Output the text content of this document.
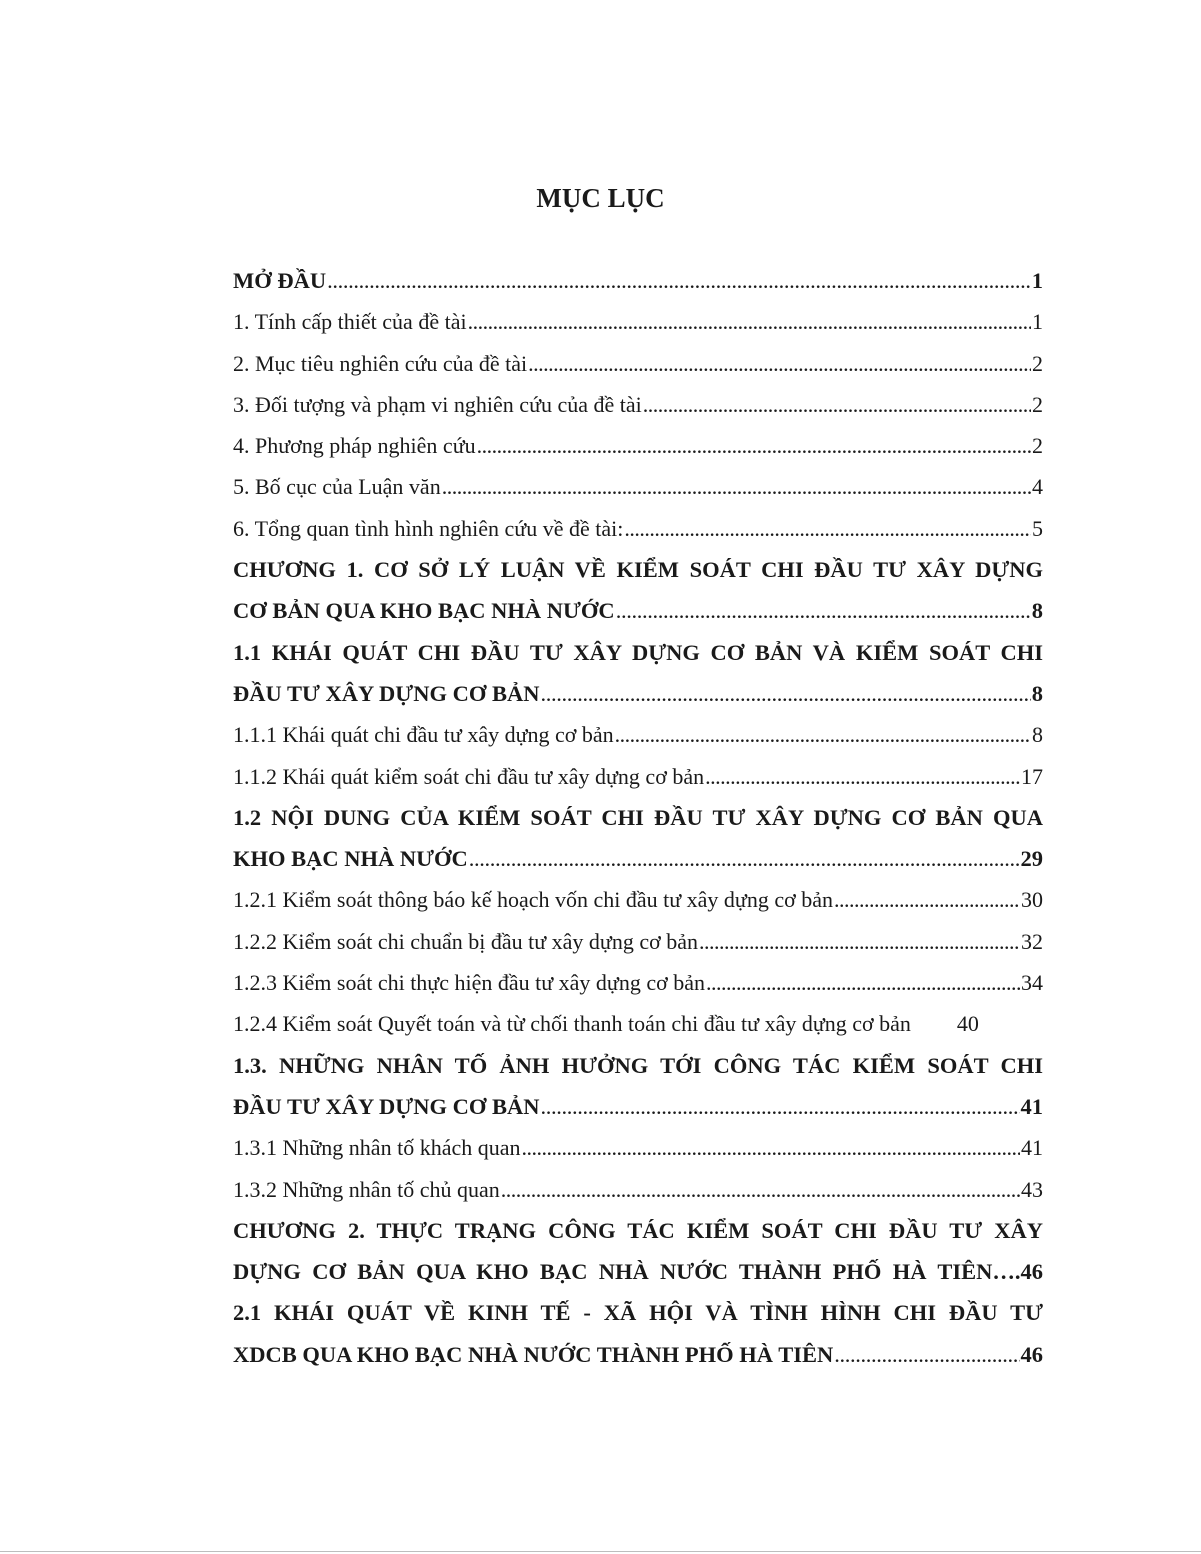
MỤC LỤC
MỞ ĐẦU . . .	1
1. Tính cấp thiết của đề tài . . .	1
2. Mục tiêu nghiên cứu của đề tài . . .	2
3. Đối tượng và phạm vi nghiên cứu của đề tài . . .	2
4. Phương pháp nghiên cứu . . .	2
5. Bố cục của Luận văn . . .	4
6. Tổng quan tình hình nghiên cứu về đề tài: . . .	5
CHƯƠNG 1. CƠ SỞ LÝ LUẬN VỀ KIỂM SOÁT CHI ĐẦU TƯ XÂY DỰNG
CƠ BẢN QUA KHO BẠC NHÀ NƯỚC . . .	8
1.1 KHÁI QUÁT CHI ĐẦU TƯ XÂY DỰNG CƠ BẢN VÀ KIỂM SOÁT CHI
ĐẦU TƯ XÂY DỰNG CƠ BẢN . . .	8
1.1.1 Khái quát chi đầu tư xây dựng cơ bản . . .	8
1.1.2 Khái quát kiểm soát chi đầu tư xây dựng cơ bản . . .	17
1.2 NỘI DUNG CỦA KIỂM SOÁT CHI ĐẦU TƯ XÂY DỰNG CƠ BẢN QUA
KHO BẠC NHÀ NƯỚC . . .	29
1.2.1 Kiểm soát thông báo kế hoạch vốn chi đầu tư xây dựng cơ bản . . .	30
1.2.2 Kiểm soát chi chuẩn bị đầu tư xây dựng cơ bản . . .	32
1.2.3 Kiểm soát chi thực hiện đầu tư xây dựng cơ bản . . .	34
1.2.4 Kiểm soát Quyết toán và từ chối thanh toán chi đầu tư xây dựng cơ bản 40
1.3. NHỮNG NHÂN TỐ ẢNH HƯỞNG TỚI CÔNG TÁC KIỂM SOÁT CHI
ĐẦU TƯ XÂY DỰNG CƠ BẢN . . .	41
1.3.1 Những nhân tố khách quan . . .	41
1.3.2 Những nhân tố chủ quan . . .	43
CHƯƠNG 2. THỰC TRẠNG CÔNG TÁC KIỂM SOÁT CHI ĐẦU TƯ XÂY
DỰNG CƠ BẢN QUA KHO BẠC NHÀ NƯỚC THÀNH PHỐ HÀ TIÊN….46
2.1 KHÁI QUÁT VỀ KINH TẾ - XÃ HỘI VÀ TÌNH HÌNH CHI ĐẦU TƯ
XDCB QUA KHO BẠC NHÀ NƯỚC THÀNH PHỐ HÀ TIÊN . . .	46
